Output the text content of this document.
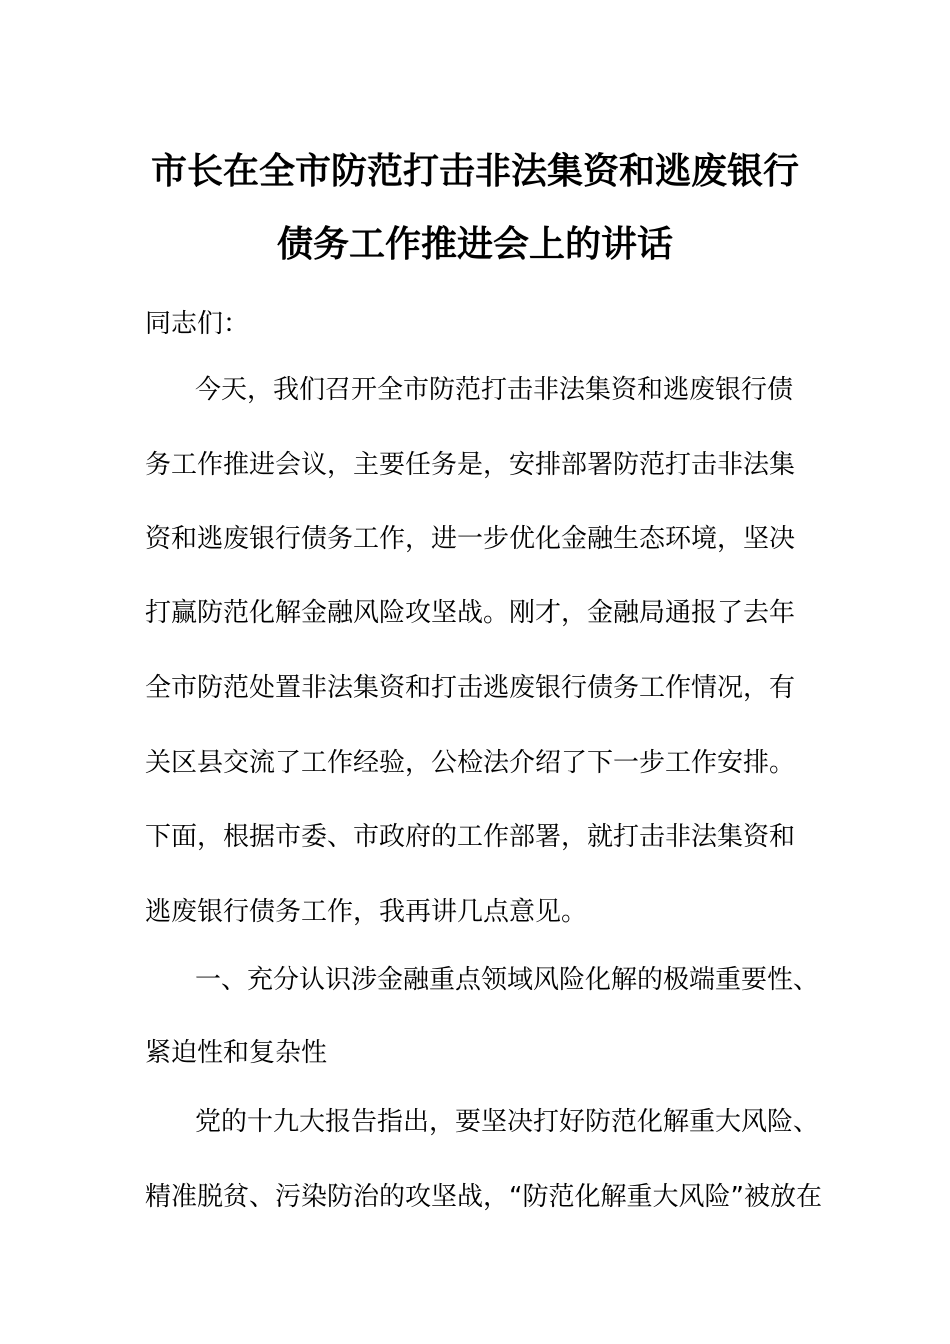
市长在全市防范打击非法集资和逃废银行
债务工作推进会上的讲话
同志们：
今天，我们召开全市防范打击非法集资和逃废银行债
务工作推进会议，主要任务是，安排部署防范打击非法集
资和逃废银行债务工作，进一步优化金融生态环境，坚决
打赢防范化解金融风险攻坚战。刚才，金融局通报了去年
全市防范处置非法集资和打击逃废银行债务工作情况，有
关区县交流了工作经验，公检法介绍了下一步工作安排。
下面，根据市委、市政府的工作部署，就打击非法集资和
逃废银行债务工作，我再讲几点意见。
一、充分认识涉金融重点领域风险化解的极端重要性、
紧迫性和复杂性
党的十九大报告指出，要坚决打好防范化解重大风险、
精准脱贫、污染防治的攻坚战，“防范化解重大风险”被放在
